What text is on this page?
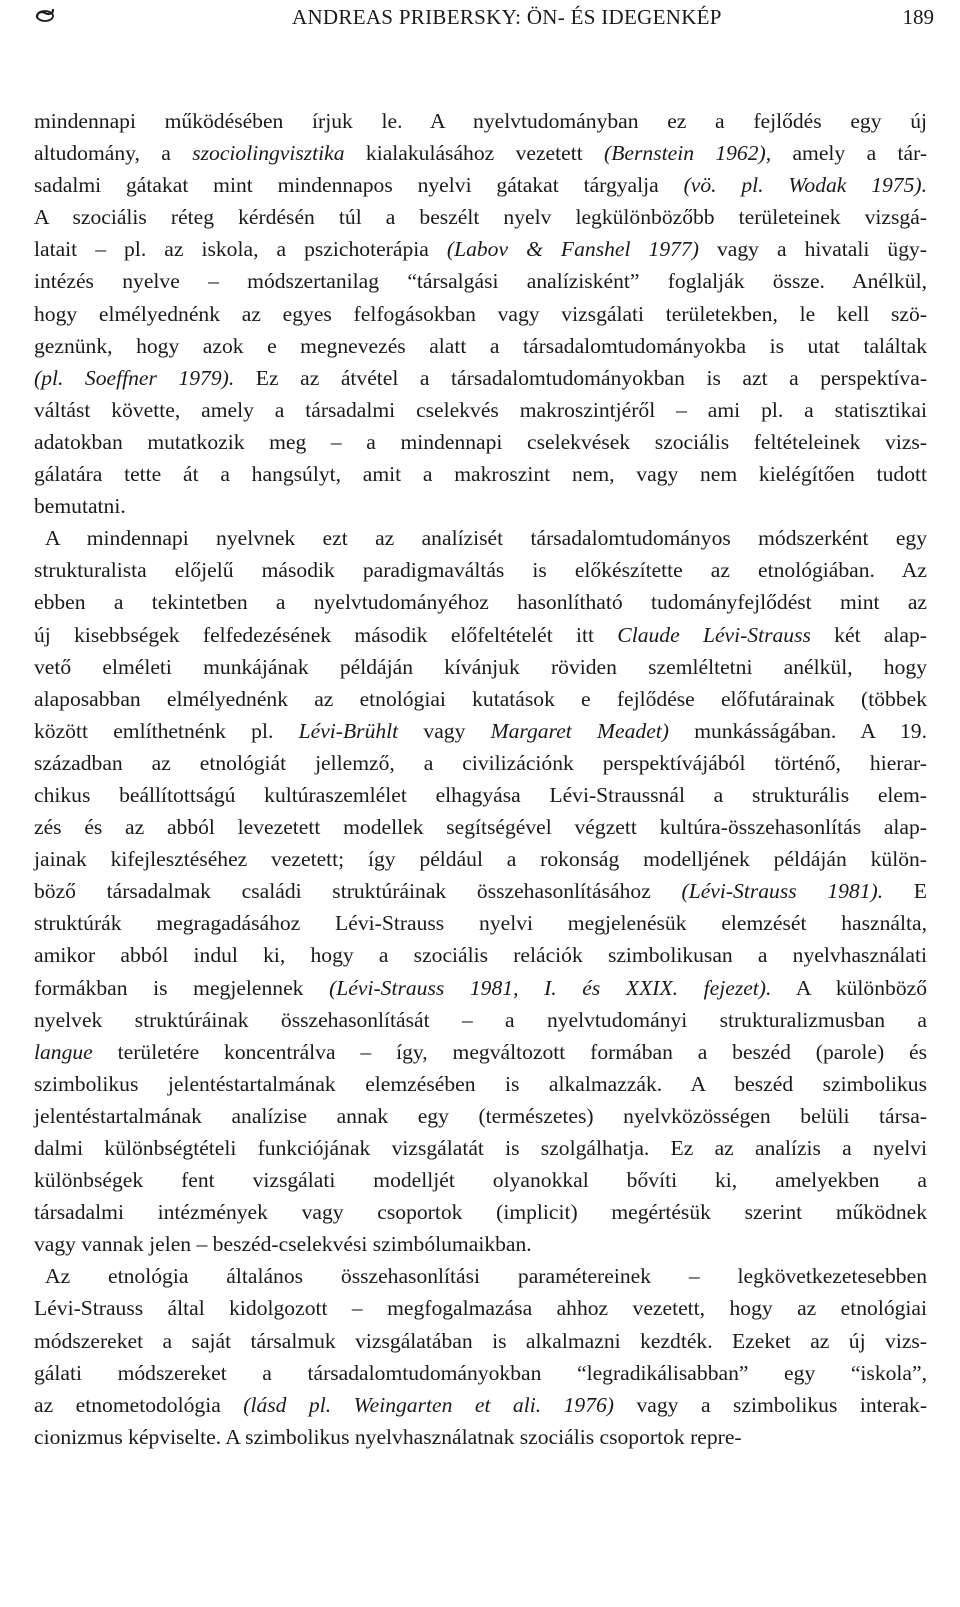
ANDREAS PRIBERSKY: ÖN- ÉS IDEGENKÉP	189

mindennapi működésében írjuk le. A nyelvtudományban ez a fejlődés egy új
altudomány, a szociolingvisztika kialakulásához vezetett (Bernstein 1962), amely a tár-
sadalmi gátakat mint mindennapos nyelvi gátakat tárgyalja (vö. pl. Wodak 1975).
A szociális réteg kérdésén túl a beszélt nyelv legkülönbözőbb területeinek vizsgá-
latait – pl. az iskola, a pszichoterápia (Labov & Fanshel 1977) vagy a hivatali ügy-
intézés nyelve – módszertanilag “társalgási analízisként” foglalják össze. Anélkül,
hogy elmélyednénk az egyes felfogásokban vagy vizsgálati területekben, le kell szö-
geznünk, hogy azok e megnevezés alatt a társadalomtudományokba is utat találtak
(pl. Soeffner 1979). Ez az átvétel a társadalomtudományokban is azt a perspektíva-
váltást követte, amely a társadalmi cselekvés makroszintjéről – ami pl. a statisztikai
adatokban mutatkozik meg – a mindennapi cselekvések szociális feltételeinek vizs-
gálatára tette át a hangsúlyt, amit a makroszint nem, vagy nem kielégítően tudott
bemutatni.

A mindennapi nyelvnek ezt az analízisét társadalomtudományos módszerként egy
strukturalista előjelű második paradigmaváltás is előkészítette az etnológiában. Az
ebben a tekintetben a nyelvtudományéhoz hasonlítható tudományfejlődést mint az
új kisebbségek felfedezésének második előfeltételét itt Claude Lévi-Strauss két alap-
vető elméleti munkájának példáján kívánjuk röviden szemléltetni anélkül, hogy
alaposabban elmélyednénk az etnológiai kutatások e fejlődése előfutárainak (többek
között említhetnénk pl. Lévi-Brühlt vagy Margaret Meadet) munkásságában. A 19.
században az etnológiát jellemző, a civilizációnk perspektívájából történő, hierar-
chikus beállítottságú kultúraszemlélet elhagyása Lévi-Straussnál a strukturális elem-
zés és az abból levezetett modellek segítségével végzett kultúra-összehasonlítás alap-
jainak kifejlesztéséhez vezetett; így például a rokonság modelljének példáján külön-
böző társadalmak családi struktúráinak összehasonlításához (Lévi-Strauss 1981). E
struktúrák megragadásához Lévi-Strauss nyelvi megjelenésük elemzését használta,
amikor abból indul ki, hogy a szociális relációk szimbolikusan a nyelvhasználati
formákban is megjelennek (Lévi-Strauss 1981, I. és XXIX. fejezet). A különböző
nyelvek struktúráinak összehasonlítását – a nyelvtudományi strukturalizmusban a
langue területére koncentrálva – így, megváltozott formában a beszéd (parole) és
szimbolikus jelentéstartalmának elemzésében is alkalmazzák. A beszéd szimbolikus
jelentéstartalmának analízise annak egy (természetes) nyelvközösségen belüli társa-
dalmi különbségtételi funkciójának vizsgálatát is szolgálhatja. Ez az analízis a nyelvi
különbségek fent vizsgálati modelljét olyanokkal bővíti ki, amelyekben a
társadalmi intézmények vagy csoportok (implicit) megértésük szerint működnek
vagy vannak jelen – beszéd-cselekvési szimbólumaikban.

Az etnológia általános összehasonlítási paramétereinek – legkövetkezetesebben
Lévi-Strauss által kidolgozott – megfogalmazása ahhoz vezetett, hogy az etnológiai
módszereket a saját társalmuk vizsgálatában is alkalmazni kezdték. Ezeket az új vizs-
gálati módszereket a társadalomtudományokban “legradikálisabban” egy “iskola”,
az etnometodológia (lásd pl. Weingarten et ali. 1976) vagy a szimbolikus interak-
cionizmus képviselte. A szimbolikus nyelvhasználatnak szociális csoportok repre-
